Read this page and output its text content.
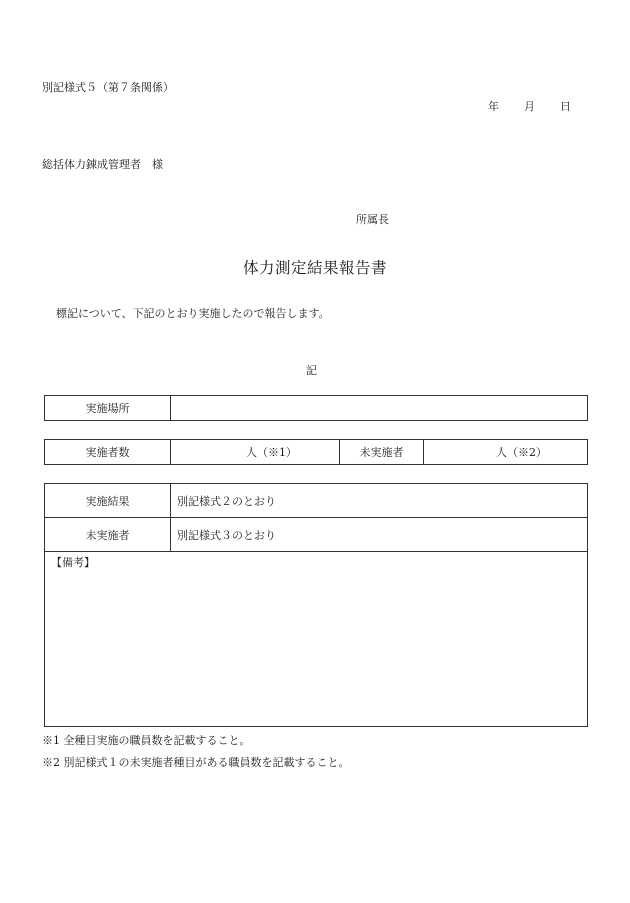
別記様式５（第７条関係）
年 月 日
総括体力錬成管理者　様
所属長
体力測定結果報告書
標記について、下記のとおり実施したので報告します。
記
実施場所	
実施者数	人（※1）	未実施者	人（※2）
実施結果	別記様式２のとおり
未実施者	別記様式３のとおり
【備考】	
※1 全種目実施の職員数を記載すること。
※2 別記様式１の未実施者種目がある職員数を記載すること。
